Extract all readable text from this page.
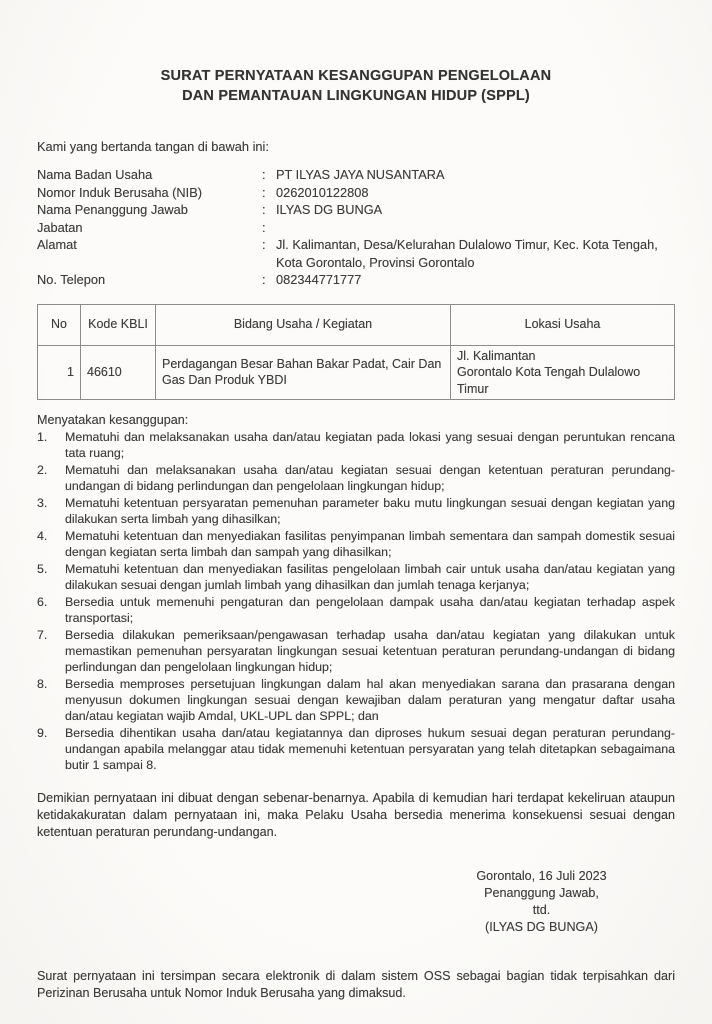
SURAT PERNYATAAN KESANGGUPAN PENGELOLAAN
DAN PEMANTAUAN LINGKUNGAN HIDUP (SPPL)
Kami yang bertanda tangan di bawah ini:
Nama Badan Usaha	: PT ILYAS JAYA NUSANTARA
Nomor Induk Berusaha (NIB)	: 0262010122808
Nama Penanggung Jawab	: ILYAS DG BUNGA
Jabatan	:
Alamat	: Jl. Kalimantan, Desa/Kelurahan Dulalowo Timur, Kec. Kota Tengah, Kota Gorontalo, Provinsi Gorontalo
No. Telepon	: 082344771777
No	Kode KBLI	Bidang Usaha / Kegiatan	Lokasi Usaha
1	46610	Perdagangan Besar Bahan Bakar Padat, Cair Dan Gas Dan Produk YBDI	Jl. Kalimantan
Gorontalo Kota Tengah Dulalowo Timur
Menyatakan kesanggupan:
1.	Mematuhi dan melaksanakan usaha dan/atau kegiatan pada lokasi yang sesuai dengan peruntukan rencana tata ruang;
2.	Mematuhi dan melaksanakan usaha dan/atau kegiatan sesuai dengan ketentuan peraturan perundang-undangan di bidang perlindungan dan pengelolaan lingkungan hidup;
3.	Mematuhi ketentuan persyaratan pemenuhan parameter baku mutu lingkungan sesuai dengan kegiatan yang dilakukan serta limbah yang dihasilkan;
4.	Mematuhi ketentuan dan menyediakan fasilitas penyimpanan limbah sementara dan sampah domestik sesuai dengan kegiatan serta limbah dan sampah yang dihasilkan;
5.	Mematuhi ketentuan dan menyediakan fasilitas pengelolaan limbah cair untuk usaha dan/atau kegiatan yang dilakukan sesuai dengan jumlah limbah yang dihasilkan dan jumlah tenaga kerjanya;
6.	Bersedia untuk memenuhi pengaturan dan pengelolaan dampak usaha dan/atau kegiatan terhadap aspek transportasi;
7.	Bersedia dilakukan pemeriksaan/pengawasan terhadap usaha dan/atau kegiatan yang dilakukan untuk memastikan pemenuhan persyaratan lingkungan sesuai ketentuan peraturan perundang-undangan di bidang perlindungan dan pengelolaan lingkungan hidup;
8.	Bersedia memproses persetujuan lingkungan dalam hal akan menyediakan sarana dan prasarana dengan menyusun dokumen lingkungan sesuai dengan kewajiban dalam peraturan yang mengatur daftar usaha dan/atau kegiatan wajib Amdal, UKL-UPL dan SPPL; dan
9.	Bersedia dihentikan usaha dan/atau kegiatannya dan diproses hukum sesuai degan peraturan perundang-undangan apabila melanggar atau tidak memenuhi ketentuan persyaratan yang telah ditetapkan sebagaimana butir 1 sampai 8.
Demikian pernyataan ini dibuat dengan sebenar-benarnya. Apabila di kemudian hari terdapat kekeliruan ataupun ketidakakuratan dalam pernyataan ini, maka Pelaku Usaha bersedia menerima konsekuensi sesuai dengan ketentuan peraturan perundang-undangan.
Gorontalo, 16 Juli 2023
Penanggung Jawab,
ttd.
(ILYAS DG BUNGA)
Surat pernyataan ini tersimpan secara elektronik di dalam sistem OSS sebagai bagian tidak terpisahkan dari Perizinan Berusaha untuk Nomor Induk Berusaha yang dimaksud.
